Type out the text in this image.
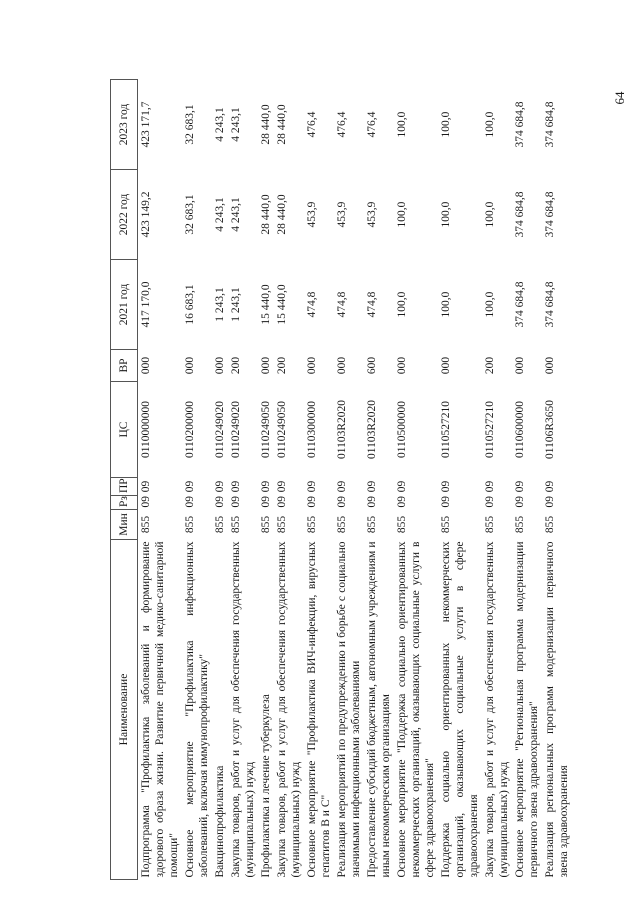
64
Наименование	Мин	Рз	ПР	ЦС	ВР	2021 год	2022 год	2023 год
Подпрограмма "Профилактика заболеваний и формирование здорового образа жизни. Развитие первичной медико-санитарной помощи"	855	09	09	0110000000	000	417 170,0	423 149,2	423 171,7
Основное мероприятие "Профилактика инфекционных заболеваний, включая иммунопрофилактику"	855	09	09	0110200000	000	16 683,1	32 683,1	32 683,1
Вакцинопрофилактика	855	09	09	0110249020	000	1 243,1	4 243,1	4 243,1
Закупка товаров, работ и услуг для обеспечения государственных (муниципальных) нужд	855	09	09	0110249020	200	1 243,1	4 243,1	4 243,1
Профилактика и лечение туберкулеза	855	09	09	0110249050	000	15 440,0	28 440,0	28 440,0
Закупка товаров, работ и услуг для обеспечения государственных (муниципальных) нужд	855	09	09	0110249050	200	15 440,0	28 440,0	28 440,0
Основное мероприятие "Профилактика ВИЧ-инфекции, вирусных гепатитов В и С"	855	09	09	0110300000	000	474,8	453,9	476,4
Реализация мероприятий по предупреждению и борьбе с социально значимыми инфекционными заболеваниями	855	09	09	01103R2020	000	474,8	453,9	476,4
Предоставление субсидий бюджетным, автономным учреждениям и иным некоммерческим организациям	855	09	09	01103R2020	600	474,8	453,9	476,4
Основное мероприятие "Поддержка социально ориентированных некоммерческих организаций, оказывающих социальные услуги в сфере здравоохранения"	855	09	09	0110500000	000	100,0	100,0	100,0
Поддержка социально ориентированных некоммерческих организаций, оказывающих социальные услуги в сфере здравоохранения	855	09	09	0110527210	000	100,0	100,0	100,0
Закупка товаров, работ и услуг для обеспечения государственных (муниципальных) нужд	855	09	09	0110527210	200	100,0	100,0	100,0
Основное мероприятие "Региональная программа модернизации первичного звена здравоохранения"	855	09	09	0110600000	000	374 684,8	374 684,8	374 684,8
Реализация региональных программ модернизации первичного звена здравоохранения	855	09	09	01106R3650	000	374 684,8	374 684,8	374 684,8
